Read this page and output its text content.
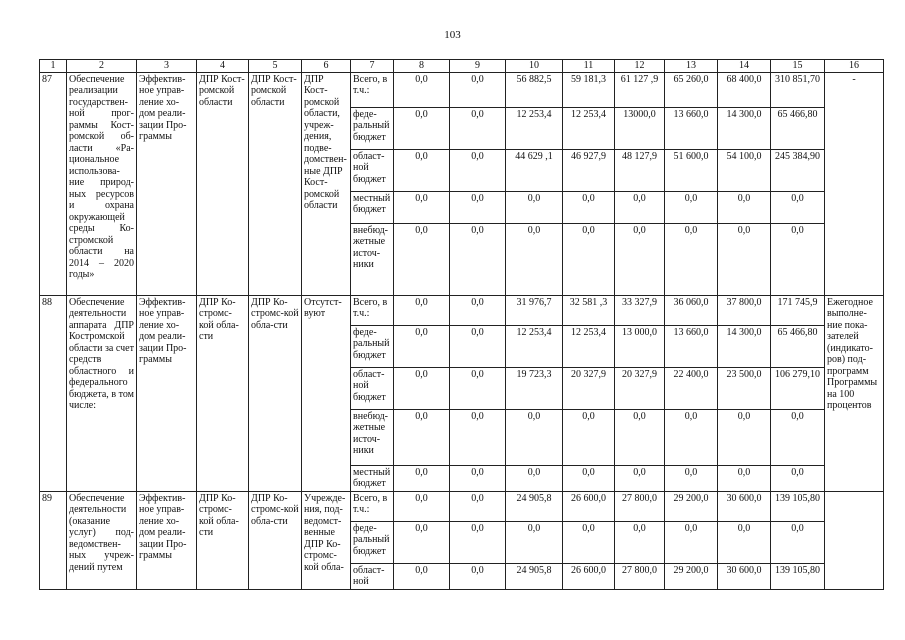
103
1	2	3	4	5	6	7	8	9	10	11	12	13	14	15	16
87	Обеспечение реализации государствен-ной прог-раммы Кост-ромской об-ласти «Ра-циональное использова-ние природ-ных ресурсов и охрана окружающей среды Ко-стромской области на 2014 – 2020 годы»	Эффектив-ное управ-ление хо-дом реали-зации Про-граммы	ДПР Кост-ромской области	ДПР Кост-ромской области	ДПР Кост-ромской области, учреж-дения, подве-домствен-ные ДПР Кост-ромской области	Всего, в т.ч.:	0,0	0,0	56 882,5	59 181,3	61 127 ,9	65 260,0	68 400,0	310 851,70	-
						феде-ральный бюджет	0,0	0,0	12 253,4	12 253,4	13000,0	13 660,0	14 300,0	65 466,80	
						област-ной бюджет	0,0	0,0	44 629 ,1	46 927,9	48 127,9	51 600,0	54 100,0	245 384,90	
						местный бюджет	0,0	0,0	0,0	0,0	0,0	0,0	0,0	0,0	
						внебюд-жетные источ-ники	0,0	0,0	0,0	0,0	0,0	0,0	0,0	0,0	
88	Обеспечение деятельности аппарата ДПР Костромской области за счет средств областного и федерального бюджета, в том числе:	Эффектив-ное управ-ление хо-дом реали-зации Про-граммы	ДПР Ко-стромс-кой обла-сти	ДПР Ко-стромс-кой обла-сти	Отсутст-вуют	Всего, в т.ч.:	0,0	0,0	31 976,7	32 581 ,3	33 327,9	36 060,0	37 800,0	171 745,9	Ежегодное выполне-ние пока-зателей (индикато-ров) под-программ Программы на 100 процентов
						феде-ральный бюджет	0,0	0,0	12 253,4	12 253,4	13 000,0	13 660,0	14 300,0	65 466,80	
						област-ной бюджет	0,0	0,0	19 723,3	20 327,9	20 327,9	22 400,0	23 500,0	106 279,10	
						внебюд-жетные источ-ники	0,0	0,0	0,0	0,0	0,0	0,0	0,0	0,0	
						местный бюджет	0,0	0,0	0,0	0,0	0,0	0,0	0,0	0,0	
89	Обеспечение деятельности (оказание услуг) под-ведомствен-ных учреж-дений путем	Эффектив-ное управ-ление хо-дом реали-зации Про-граммы	ДПР Ко-стромс-кой обла-сти	ДПР Ко-стромс-кой обла-сти	Учрежде-ния, под-ведомст-венные ДПР Ко-стромс-кой обла-	Всего, в т.ч.:	0,0	0,0	24 905,8	26 600,0	27 800,0	29 200,0	30 600,0	139 105,80	
						феде-ральный бюджет	0,0	0,0	0,0	0,0	0,0	0,0	0,0	0,0	
						област-ной	0,0	0,0	24 905,8	26 600,0	27 800,0	29 200,0	30 600,0	139 105,80	
